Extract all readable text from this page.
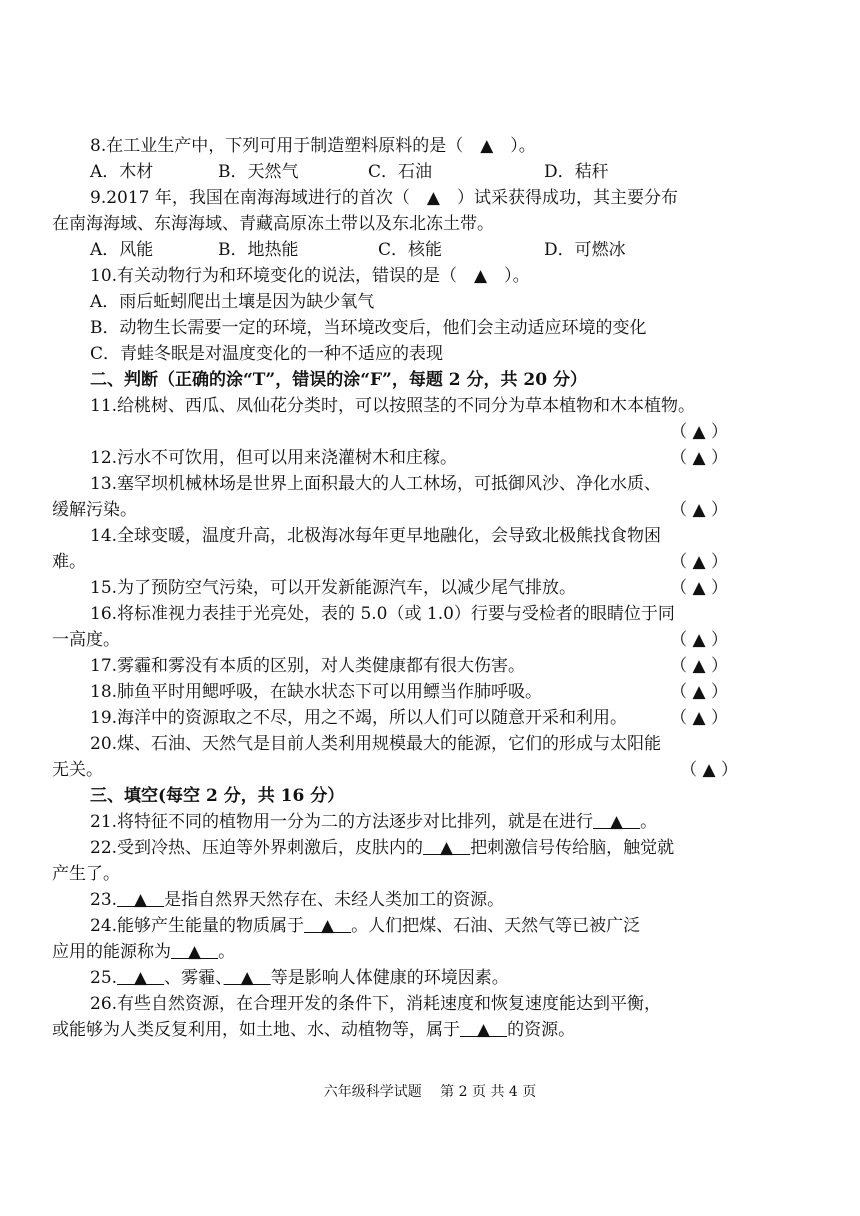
8.在工业生产中，下列可用于制造塑料原料的是（　▲　）。
A．木材	B．天然气	C．石油	D．秸秆
9.2017 年，我国在南海海域进行的首次（　▲　）试采获得成功，其主要分布
在南海海域、东海海域、青藏高原冻土带以及东北冻土带。
A．风能	B．地热能	C．核能	D．可燃冰
10.有关动物行为和环境变化的说法，错误的是（　▲　）。
A．雨后蚯蚓爬出土壤是因为缺少氧气
B．动物生长需要一定的环境，当环境改变后，他们会主动适应环境的变化
C．青蛙冬眠是对温度变化的一种不适应的表现
二、判断（正确的涂“T”，错误的涂“F”，每题 2 分，共 20 分）
11.给桃树、西瓜、凤仙花分类时，可以按照茎的不同分为草本植物和木本植物。
（ ▲ ）
12.污水不可饮用，但可以用来浇灌树木和庄稼。	（ ▲ ）
13.塞罕坝机械林场是世界上面积最大的人工林场，可抵御风沙、净化水质、
缓解污染。	（ ▲ ）
14.全球变暖，温度升高，北极海冰每年更早地融化，会导致北极熊找食物困
难。	（ ▲ ）
15.为了预防空气污染，可以开发新能源汽车，以减少尾气排放。	（ ▲ ）
16.将标准视力表挂于光亮处，表的 5.0（或 1.0）行要与受检者的眼睛位于同
一高度。	（ ▲ ）
17.雾霾和雾没有本质的区别，对人类健康都有很大伤害。	（ ▲ ）
18.肺鱼平时用鳃呼吸，在缺水状态下可以用鳔当作肺呼吸。	（ ▲ ）
19.海洋中的资源取之不尽，用之不竭，所以人们可以随意开采和利用。	（ ▲ ）
20.煤、石油、天然气是目前人类利用规模最大的能源，它们的形成与太阳能
无关。	（ ▲ ）
三、填空(每空 2 分，共 16 分）
21.将特征不同的植物用一分为二的方法逐步对比排列，就是在进行　▲　。
22.受到冷热、压迫等外界刺激后，皮肤内的　▲　把刺激信号传给脑，触觉就
产生了。
23.　▲　是指自然界天然存在、未经人类加工的资源。
24.能够产生能量的物质属于　▲　。人们把煤、石油、天然气等已被广泛
应用的能源称为　▲　。
25.　▲　、雾霾、　▲　等是影响人体健康的环境因素。
26.有些自然资源，在合理开发的条件下，消耗速度和恢复速度能达到平衡，
或能够为人类反复利用，如土地、水、动植物等，属于　▲　的资源。
六年级科学试题　 第 2 页 共 4 页
